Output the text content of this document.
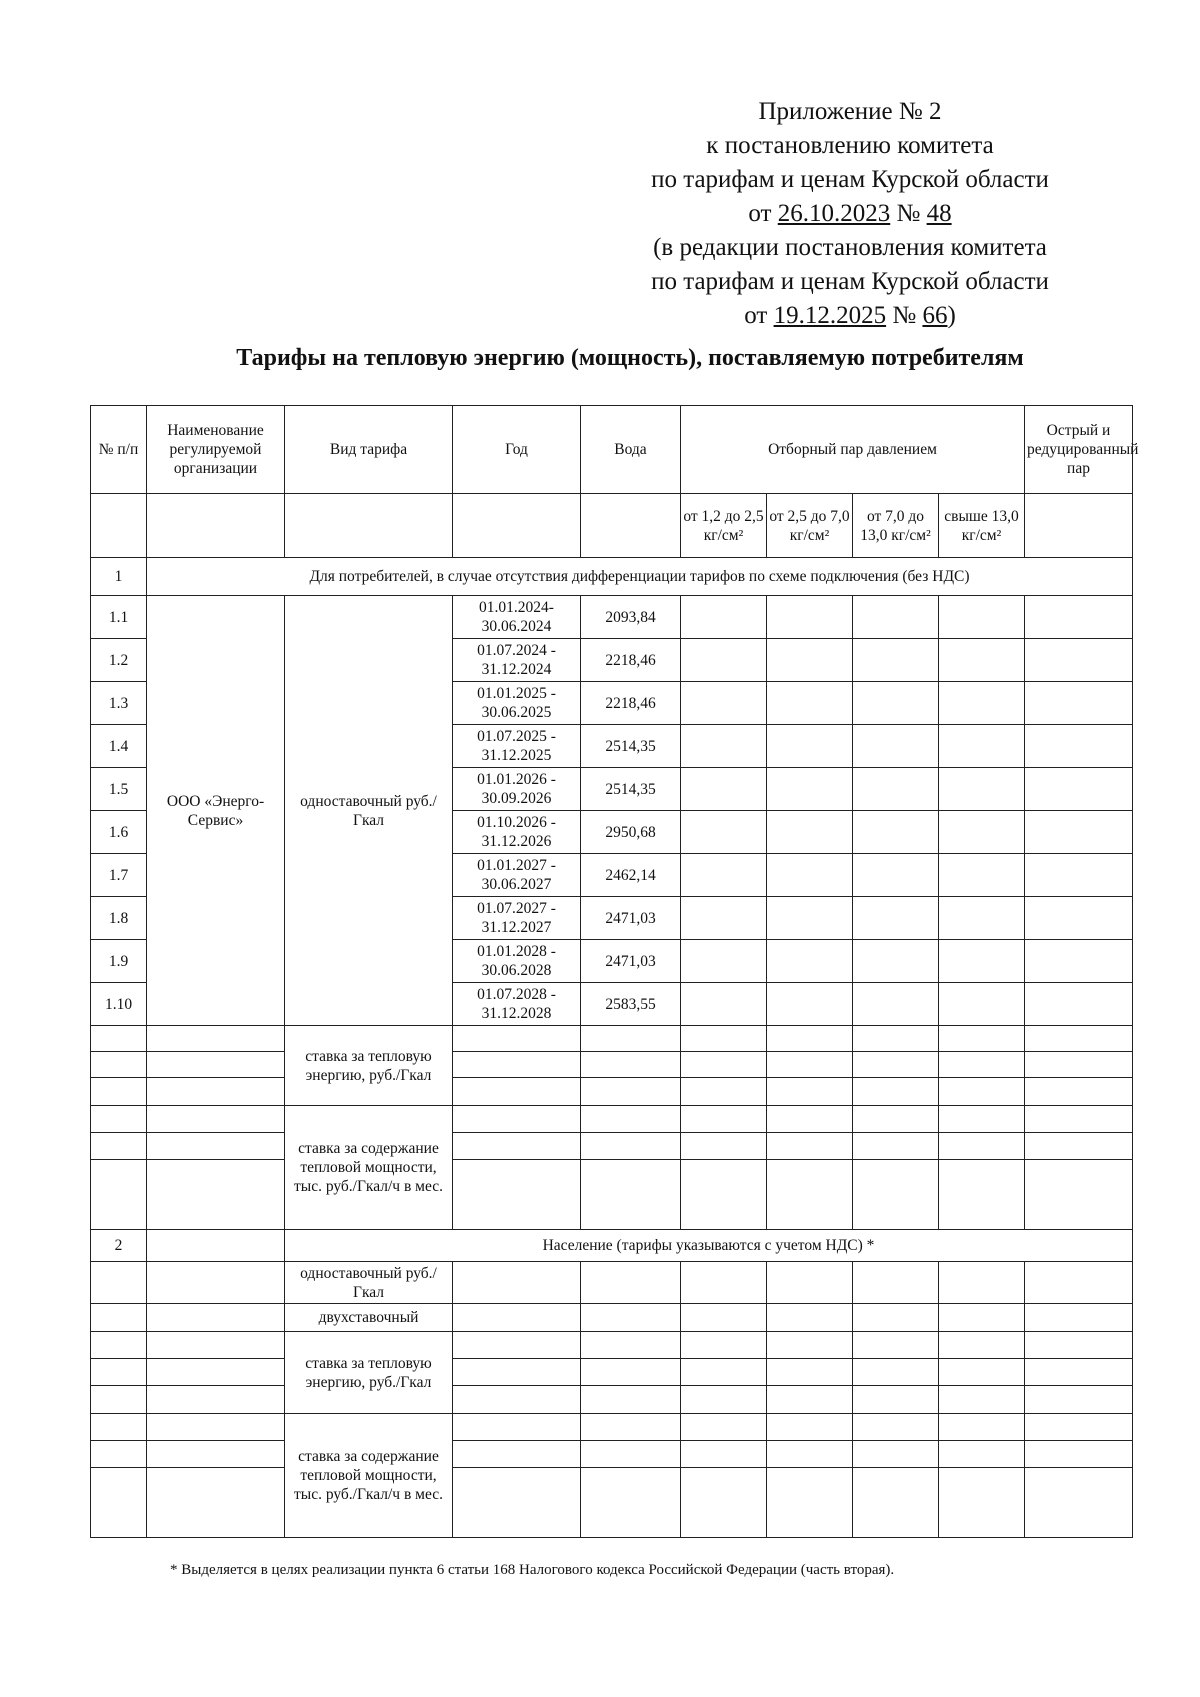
Приложение № 2
к постановлению комитета
по тарифам и ценам Курской области
от 26.10.2023 № 48
(в редакции постановления комитета
по тарифам и ценам Курской области
от 19.12.2025 № 66)
Тарифы на тепловую энергию (мощность), поставляемую потребителям
№ п/п	Наименование регулируемой организации	Вид тарифа	Год	Вода	Отборный пар давлением				Острый и редуцированный пар
					от 1,2 до 2,5 кг/см²	от 2,5 до 7,0 кг/см²	от 7,0 до 13,0 кг/см²	свыше 13,0 кг/см²	
1	Для потребителей, в случае отсутствия дифференциации тарифов по схеме подключения (без НДС)								
1.1	ООО «Энерго-Сервис»	одноставочный руб./Гкал	01.01.2024-30.06.2024	2093,84					
1.2			01.07.2024 - 31.12.2024	2218,46					
1.3			01.01.2025 - 30.06.2025	2218,46					
1.4			01.07.2025 - 31.12.2025	2514,35					
1.5			01.01.2026 - 30.09.2026	2514,35					
1.6			01.10.2026 - 31.12.2026	2950,68					
1.7			01.01.2027 - 30.06.2027	2462,14					
1.8			01.07.2027 - 31.12.2027	2471,03					
1.9			01.01.2028 - 30.06.2028	2471,03					
1.10			01.07.2028 - 31.12.2028	2583,55					
		ставка за тепловую энергию, руб./Гкал							

		ставка за содержание тепловой мощности, тыс. руб./Гкал/ч в мес.							

2		Население (тарифы указываются с учетом НДС) *							
		одноставочный руб./Гкал							
		двухставочный							
		ставка за тепловую энергию, руб./Гкал							

		ставка за содержание тепловой мощности, тыс. руб./Гкал/ч в мес.							

* Выделяется в целях реализации пункта 6 статьи 168 Налогового кодекса Российской Федерации (часть вторая).
